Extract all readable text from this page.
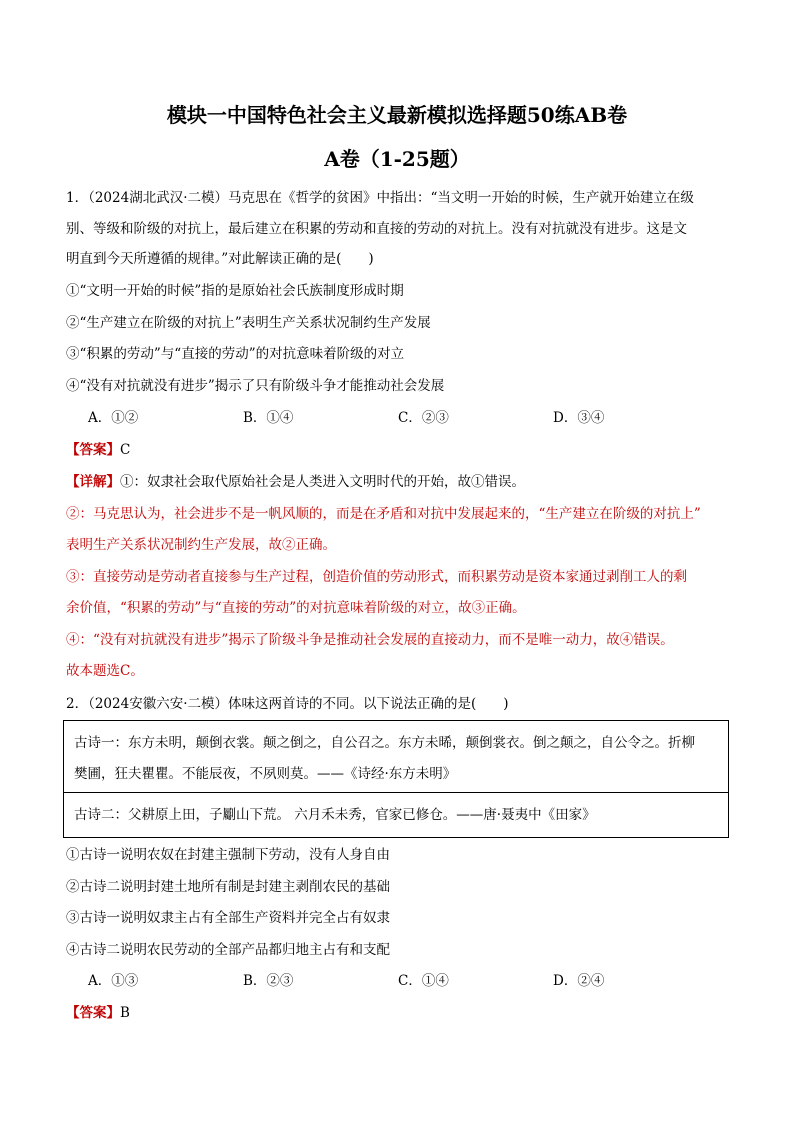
模块一中国特色社会主义最新模拟选择题50练AB卷
A卷（1-25题）
1．（2024湖北武汉·二模）马克思在《哲学的贫困》中指出：“当文明一开始的时候，生产就开始建立在级
别、等级和阶级的对抗上，最后建立在积累的劳动和直接的劳动的对抗上。没有对抗就没有进步。这是文
明直到今天所遵循的规律。”对此解读正确的是(　　)
①“文明一开始的时候”指的是原始社会氏族制度形成时期
②“生产建立在阶级的对抗上”表明生产关系状况制约生产发展
③“积累的劳动”与“直接的劳动”的对抗意味着阶级的对立
④“没有对抗就没有进步”揭示了只有阶级斗争才能推动社会发展
A．①②	B．①④	C．②③	D．③④
【答案】C
【详解】①：奴隶社会取代原始社会是人类进入文明时代的开始，故①错误。
②：马克思认为，社会进步不是一帆风顺的，而是在矛盾和对抗中发展起来的，“生产建立在阶级的对抗上”
表明生产关系状况制约生产发展，故②正确。
③：直接劳动是劳动者直接参与生产过程，创造价值的劳动形式，而积累劳动是资本家通过剥削工人的剩
余价值，“积累的劳动”与“直接的劳动”的对抗意味着阶级的对立，故③正确。
④：“没有对抗就没有进步”揭示了阶级斗争是推动社会发展的直接动力，而不是唯一动力，故④错误。
故本题选C。
2．（2024安徽六安·二模）体味这两首诗的不同。以下说法正确的是(　　)
古诗一：东方未明，颠倒衣裳。颠之倒之，自公召之。东方未晞，颠倒裳衣。倒之颠之，自公令之。折柳
樊圃，狂夫瞿瞿。不能辰夜，不夙则莫。——《诗经·东方未明》
古诗二：父耕原上田，子劚山下荒。 六月禾未秀，官家已修仓。——唐·聂夷中《田家》
①古诗一说明农奴在封建主强制下劳动，没有人身自由
②古诗二说明封建土地所有制是封建主剥削农民的基础
③古诗一说明奴隶主占有全部生产资料并完全占有奴隶
④古诗二说明农民劳动的全部产品都归地主占有和支配
A．①③	B．②③	C．①④	D．②④
【答案】B
